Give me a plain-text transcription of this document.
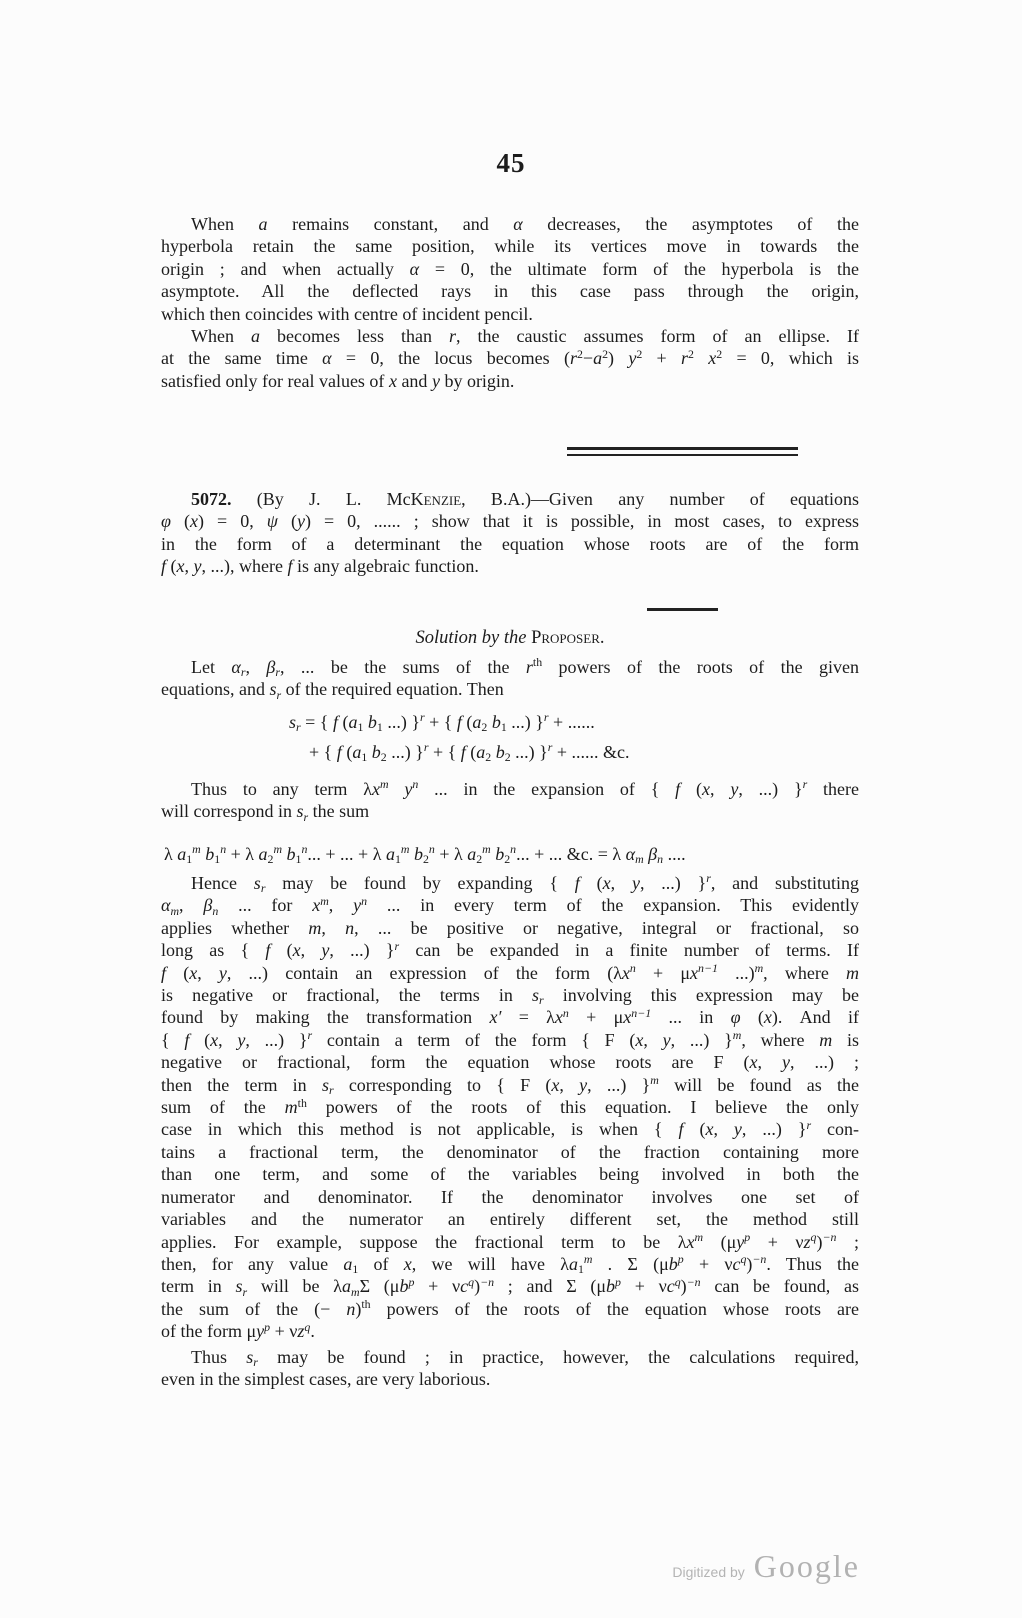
45
When a remains constant, and α decreases, the asymptotes of the
hyperbola retain the same position, while its vertices move in towards the
origin ; and when actually α = 0, the ultimate form of the hyperbola is the
asymptote. All the deflected rays in this case pass through the origin,
which then coincides with centre of incident pencil.
When a becomes less than r, the caustic assumes form of an ellipse. If
at the same time α = 0, the locus becomes $(r^2-a^2) y^2 + r^2$ $x^2 = 0$, which is
satisfied only for real values of x and y by origin.
5072. (By J. L. McKenzie, B.A.)—Given any number of equations
φ (x) = 0, ψ (y) = 0, ...... ; show that it is possible, in most cases, to express
in the form of a determinant the equation whose roots are of the form
f (x, y, ...), where f is any algebraic function.
Solution by the Proposer.
Let αr, βr, ... be the sums of the $r^{th}$ powers of the roots of the given
equations, and sr of the required equation. Then
sr = { f (a1 b1 ...) }$^r$ + { f (a2 b1 ...) }$^r$ + ......
+ { f (a1 b2 ...) }$^r$ + { f (a2 b2 ...) }$^r$ + ...... &c.
Thus to any term $\lambda x^m$ $y^n$ ... in the expansion of { f (x, y, ...) }$^r$ there
will correspond in sr the sum
λ a1$^m$ $b1^n + \lambda$ a2$^m$ $b1^n$... + ... + λ a1$^m$ $b2^n + \lambda$ a2$^m$ $b2^n$... + ... &c. = λ αm βn ....
Hence sr may be found by expanding { f (x, y, ...) }$^r$, and substituting
αm, βn ... for $x^m$, $y^n$ ... in every term of the expansion. This evidently
applies whether m, n, ... be positive or negative, integral or fractional, so
long as { f (x, y, ...) }$^r$ can be expanded in a finite number of terms. If
f (x, y, ...) contain an expression of the form ($\lambda x^n + \mu x^{n-1}$ ...)$^m$, where m
is negative or fractional, the terms in sr involving this expression may be
found by making the transformation $x' = \lambda x^n + \mu x^{n-1}$ ... in φ (x). And if
{ f (x, y, ...) }$^r$ contain a term of the form { F (x, y, ...) }$^m$, where m is
negative or fractional, form the equation whose roots are F (x, y, ...) ;
then the term in sr corresponding to { F (x, y, ...) }$^m$ will be found as the
sum of the $m^{th}$ powers of the roots of this equation. I believe the only
case in which this method is not applicable, is when { f (x, y, ...) }$^r$ con-
tains a fractional term, the denominator of the fraction containing more
than one term, and some of the variables being involved in both the
numerator and denominator. If the denominator involves one set of
variables and the numerator an entirely different set, the method still
applies. For example, suppose the fractional term to be $\lambda x^m$ $(\mu y^p + \nu z^q)^{-n}$ ;
then, for any value a1 of x, we will have λa1$^m$ . Σ $(\mu b^p + \nu c^q)^{-n}$. Thus the
term in sr will be λamΣ $(\mu b^p + \nu c^q)^{-n}$ ; and Σ $(\mu b^p + \nu c^q)^{-n}$ can be found, as
the sum of the (− n)$^{th}$ powers of the roots of the equation whose roots are
of the form $\mu y^p + \nu z^q$.
Thus sr may be found ; in practice, however, the calculations required,
even in the simplest cases, are very laborious.
Digitized by Google
